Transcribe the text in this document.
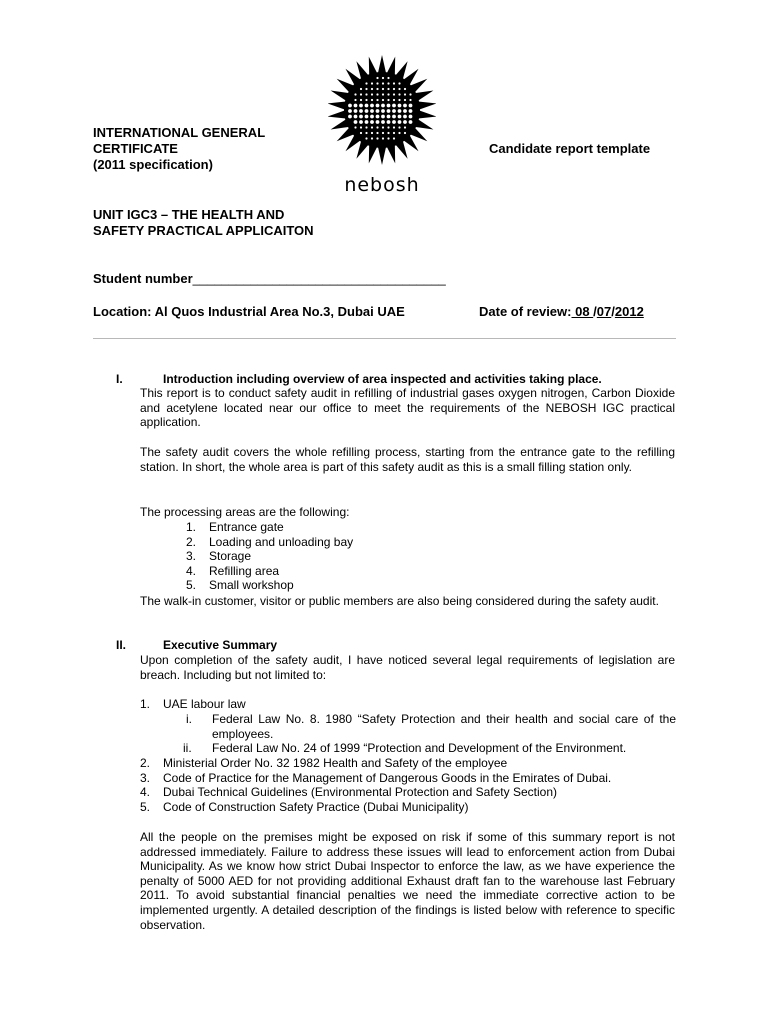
INTERNATIONAL GENERAL
CERTIFICATE
(2011 specification)
nebosh
Candidate report template
UNIT IGC3 – THE HEALTH AND
SAFETY PRACTICAL APPLICAITON
Student number___________________________________
Location: Al Quos Industrial Area No.3, Dubai UAE	Date of review: 08 /07/2012
I.	Introduction including overview of area inspected and activities taking place.
This report is to conduct safety audit in refilling of industrial gases oxygen nitrogen, Carbon Dioxide and acetylene located near our office to meet the requirements of the NEBOSH IGC practical application.
The safety audit covers the whole refilling process, starting from the entrance gate to the refilling station. In short, the whole area is part of this safety audit as this is a small filling station only.
The processing areas are the following:
1. Entrance gate
2. Loading and unloading bay
3. Storage
4. Refilling area
5. Small workshop
The walk-in customer, visitor or public members are also being considered during the safety audit.
II.	Executive Summary
Upon completion of the safety audit, I have noticed several legal requirements of legislation are breach. Including but not limited to:
1. UAE labour law
i. Federal Law No. 8. 1980 “Safety Protection and their health and social care of the employees.
ii. Federal Law No. 24 of 1999 “Protection and Development of the Environment.
2. Ministerial Order No. 32 1982 Health and Safety of the employee
3. Code of Practice for the Management of Dangerous Goods in the Emirates of Dubai.
4. Dubai Technical Guidelines (Environmental Protection and Safety Section)
5. Code of Construction Safety Practice (Dubai Municipality)
All the people on the premises might be exposed on risk if some of this summary report is not addressed immediately. Failure to address these issues will lead to enforcement action from Dubai Municipality. As we know how strict Dubai Inspector to enforce the law, as we have experience the penalty of 5000 AED for not providing additional Exhaust draft fan to the warehouse last February 2011. To avoid substantial financial penalties we need the immediate corrective action to be implemented urgently. A detailed description of the findings is listed below with reference to specific observation.
